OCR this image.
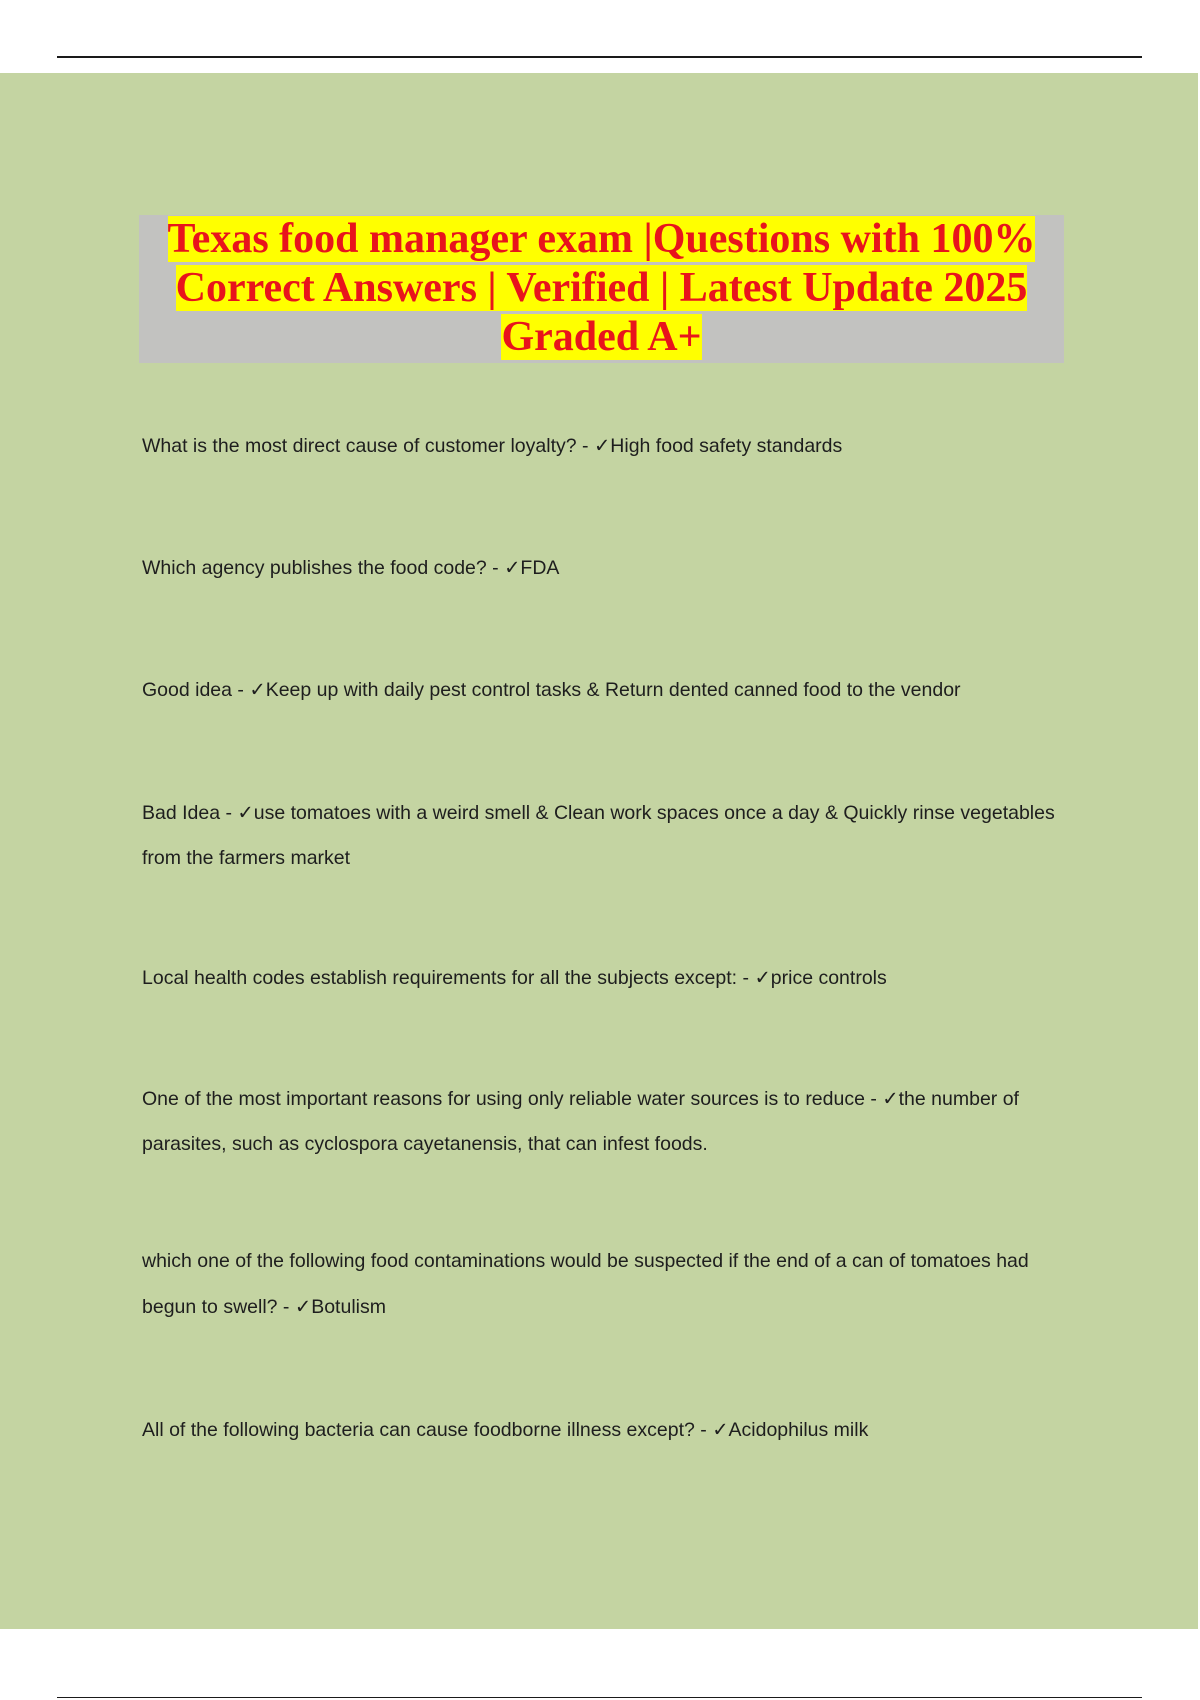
Texas food manager exam |Questions with 100%
Correct Answers | Verified | Latest Update 2025
Graded A+
What is the most direct cause of customer loyalty? - ✓High food safety standards
Which agency publishes the food code? - ✓FDA
Good idea - ✓Keep up with daily pest control tasks & Return dented canned food to the vendor
Bad Idea - ✓use tomatoes with a weird smell & Clean work spaces once a day & Quickly rinse vegetables from the farmers market
Local health codes establish requirements for all the subjects except: - ✓price controls
One of the most important reasons for using only reliable water sources is to reduce - ✓the number of parasites, such as cyclospora cayetanensis, that can infest foods.
which one of the following food contaminations would be suspected if the end of a can of tomatoes had begun to swell? - ✓Botulism
All of the following bacteria can cause foodborne illness except? - ✓Acidophilus milk
